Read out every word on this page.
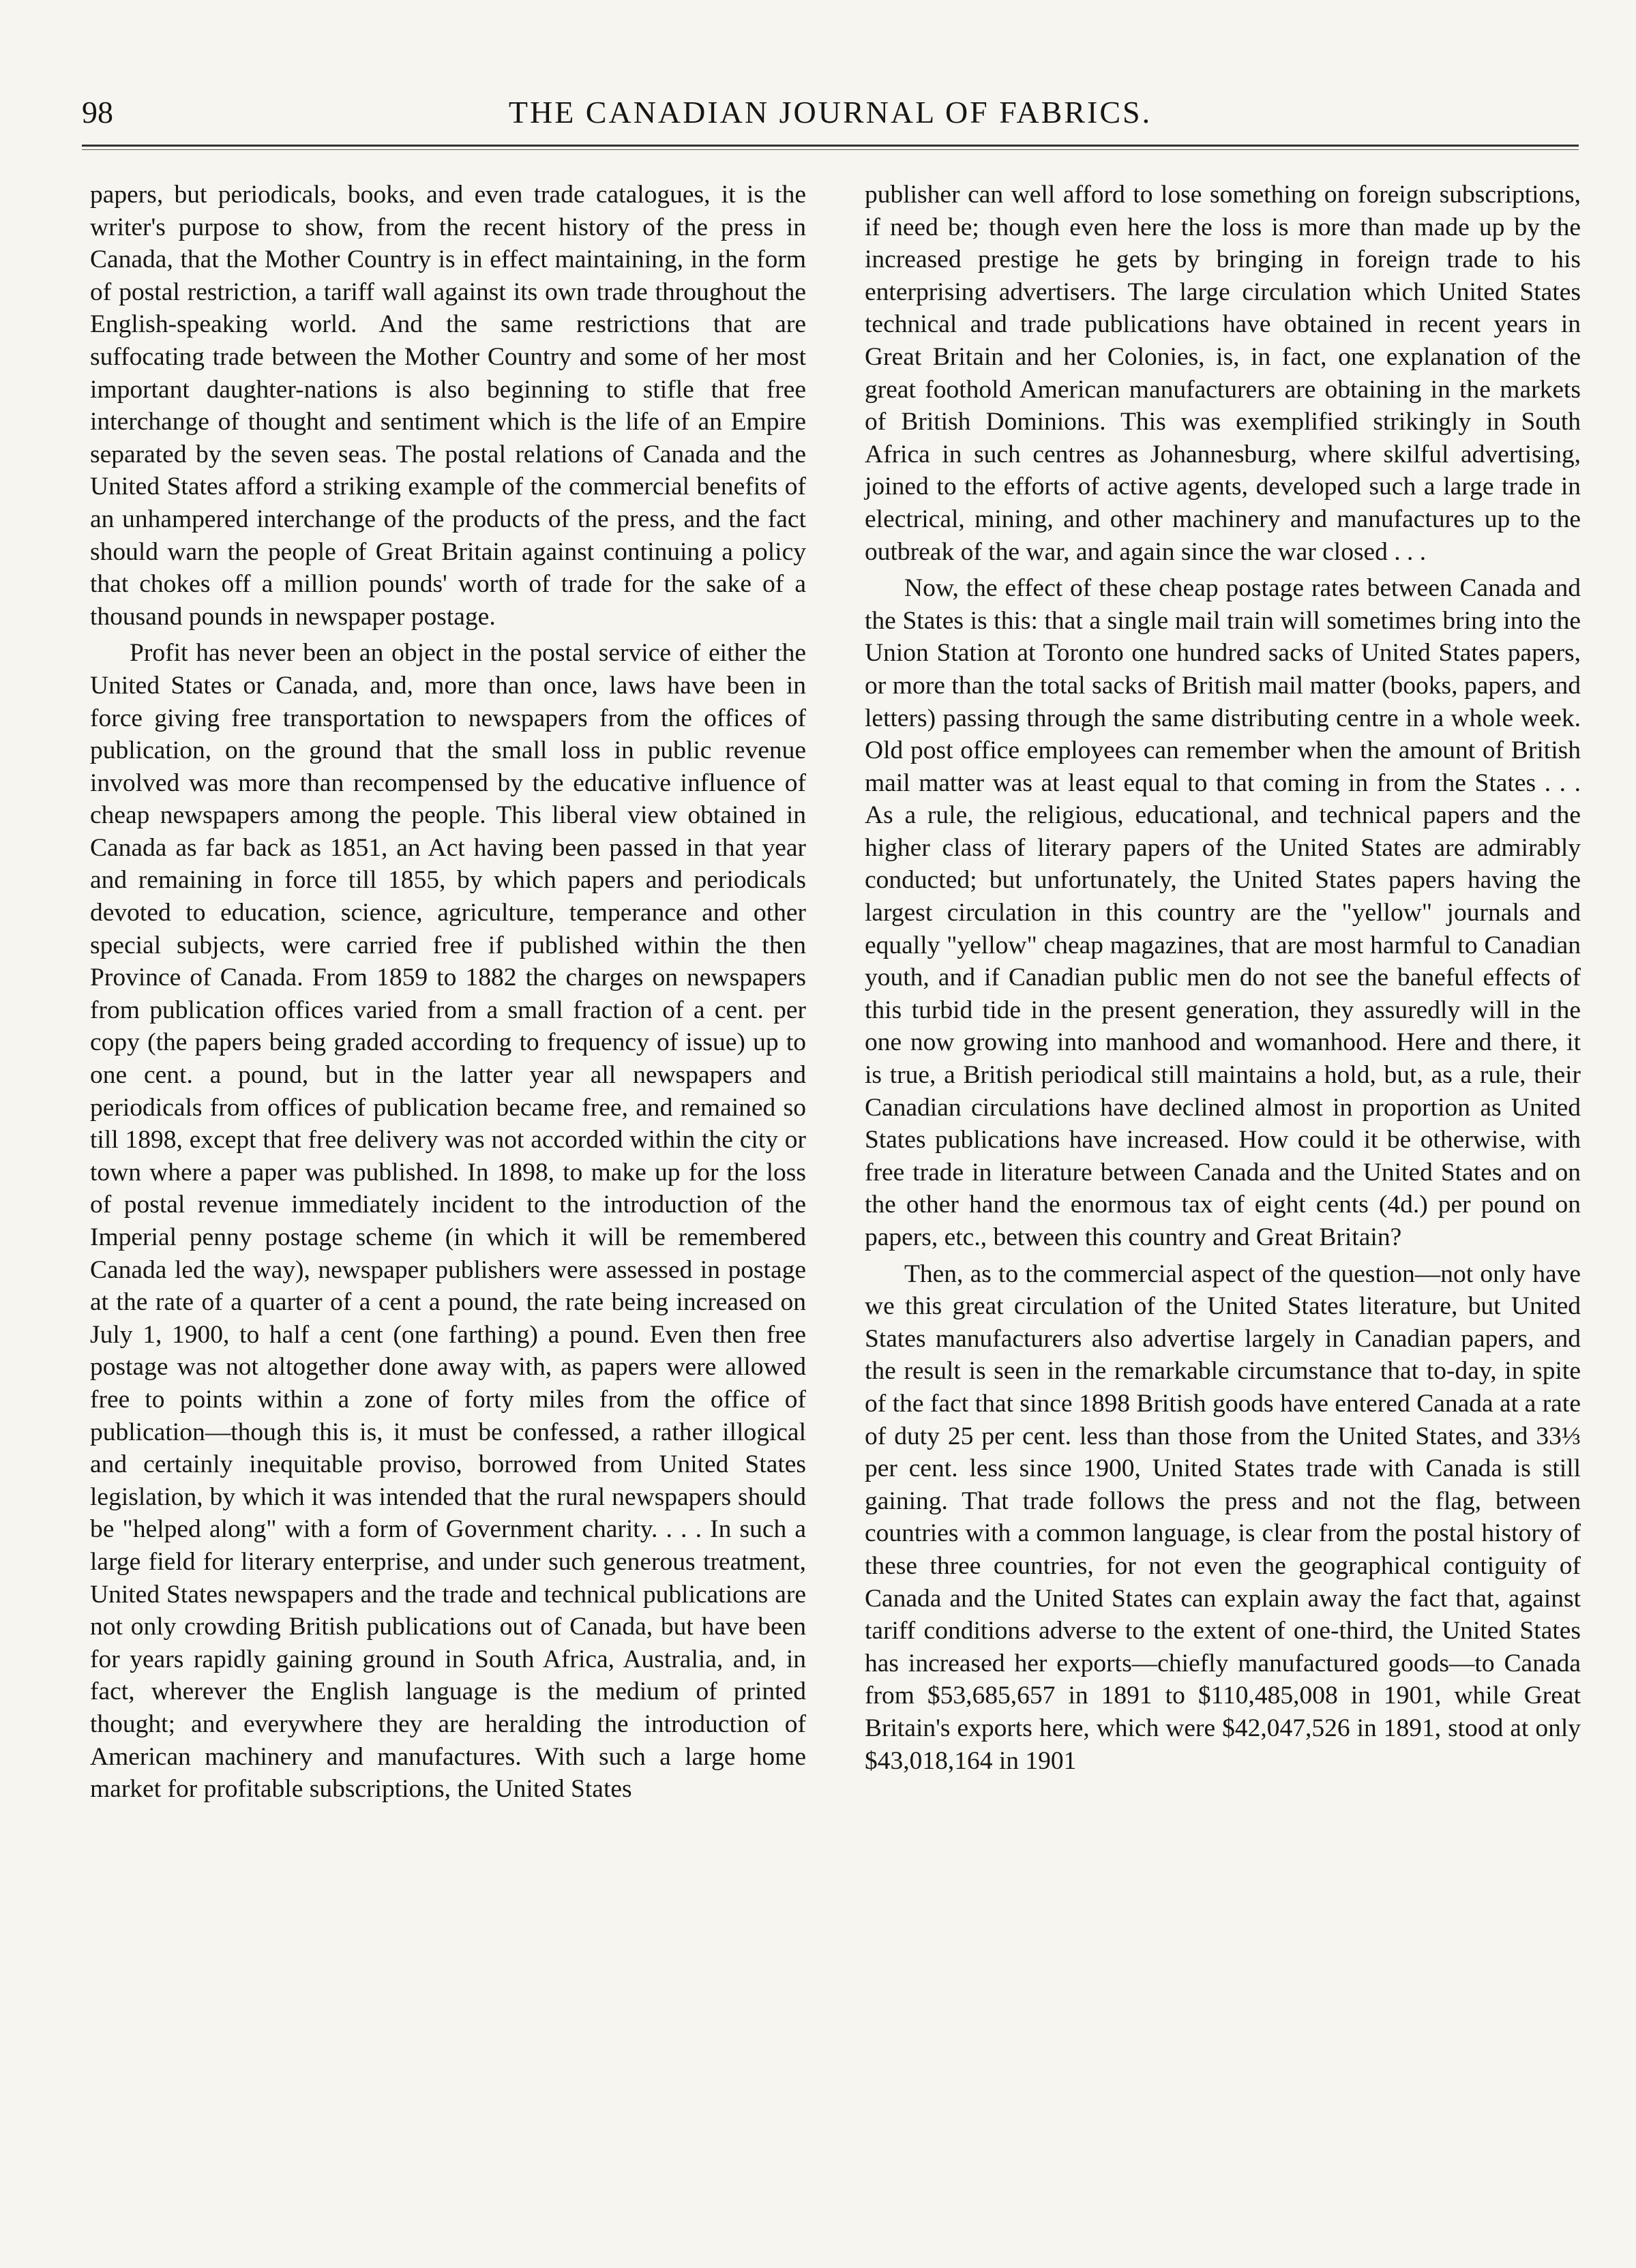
98	THE CANADIAN JOURNAL OF FABRICS.

papers, but periodicals, books, and even trade catalogues, it is the writer's purpose to show, from the recent history of the press in Canada, that the Mother Country is in effect maintaining, in the form of postal restriction, a tariff wall against its own trade throughout the English-speaking world. And the same restrictions that are suffocating trade between the Mother Country and some of her most important daughter-nations is also beginning to stifle that free interchange of thought and sentiment which is the life of an Empire separated by the seven seas. The postal relations of Canada and the United States afford a striking example of the commercial benefits of an unhampered interchange of the products of the press, and the fact should warn the people of Great Britain against continuing a policy that chokes off a million pounds' worth of trade for the sake of a thousand pounds in newspaper postage.

Profit has never been an object in the postal service of either the United States or Canada, and, more than once, laws have been in force giving free transportation to newspapers from the offices of publication, on the ground that the small loss in public revenue involved was more than recompensed by the educative influence of cheap newspapers among the people. This liberal view obtained in Canada as far back as 1851, an Act having been passed in that year and remaining in force till 1855, by which papers and periodicals devoted to education, science, agriculture, temperance and other special subjects, were carried free if published within the then Province of Canada. From 1859 to 1882 the charges on newspapers from publication offices varied from a small fraction of a cent. per copy (the papers being graded according to frequency of issue) up to one cent. a pound, but in the latter year all newspapers and periodicals from offices of publication became free, and remained so till 1898, except that free delivery was not accorded within the city or town where a paper was published. In 1898, to make up for the loss of postal revenue immediately incident to the introduction of the Imperial penny postage scheme (in which it will be remembered Canada led the way), newspaper publishers were assessed in postage at the rate of a quarter of a cent a pound, the rate being increased on July 1, 1900, to half a cent (one farthing) a pound. Even then free postage was not altogether done away with, as papers were allowed free to points within a zone of forty miles from the office of publication—though this is, it must be confessed, a rather illogical and certainly inequitable proviso, borrowed from United States legislation, by which it was intended that the rural newspapers should be "helped along" with a form of Government charity. . . . In such a large field for literary enterprise, and under such generous treatment, United States newspapers and the trade and technical publications are not only crowding British publications out of Canada, but have been for years rapidly gaining ground in South Africa, Australia, and, in fact, wherever the English language is the medium of printed thought; and everywhere they are heralding the introduction of American machinery and manufactures. With such a large home market for profitable subscriptions, the United States

publisher can well afford to lose something on foreign subscriptions, if need be; though even here the loss is more than made up by the increased prestige he gets by bringing in foreign trade to his enterprising advertisers. The large circulation which United States technical and trade publications have obtained in recent years in Great Britain and her Colonies, is, in fact, one explanation of the great foothold American manufacturers are obtaining in the markets of British Dominions. This was exemplified strikingly in South Africa in such centres as Johannesburg, where skilful advertising, joined to the efforts of active agents, developed such a large trade in electrical, mining, and other machinery and manufactures up to the outbreak of the war, and again since the war closed . . .

Now, the effect of these cheap postage rates between Canada and the States is this: that a single mail train will sometimes bring into the Union Station at Toronto one hundred sacks of United States papers, or more than the total sacks of British mail matter (books, papers, and letters) passing through the same distributing centre in a whole week. Old post office employees can remember when the amount of British mail matter was at least equal to that coming in from the States . . . As a rule, the religious, educational, and technical papers and the higher class of literary papers of the United States are admirably conducted; but unfortunately, the United States papers having the largest circulation in this country are the "yellow" journals and equally "yellow" cheap magazines, that are most harmful to Canadian youth, and if Canadian public men do not see the baneful effects of this turbid tide in the present generation, they assuredly will in the one now growing into manhood and womanhood. Here and there, it is true, a British periodical still maintains a hold, but, as a rule, their Canadian circulations have declined almost in proportion as United States publications have increased. How could it be otherwise, with free trade in literature between Canada and the United States and on the other hand the enormous tax of eight cents (4d.) per pound on papers, etc., between this country and Great Britain?

Then, as to the commercial aspect of the question—not only have we this great circulation of the United States literature, but United States manufacturers also advertise largely in Canadian papers, and the result is seen in the remarkable circumstance that to-day, in spite of the fact that since 1898 British goods have entered Canada at a rate of duty 25 per cent. less than those from the United States, and 33⅓ per cent. less since 1900, United States trade with Canada is still gaining. That trade follows the press and not the flag, between countries with a common language, is clear from the postal history of these three countries, for not even the geographical contiguity of Canada and the United States can explain away the fact that, against tariff conditions adverse to the extent of one-third, the United States has increased her exports—chiefly manufactured goods—to Canada from $53,685,657 in 1891 to $110,485,008 in 1901, while Great Britain's exports here, which were $42,047,526 in 1891, stood at only $43,018,164 in 1901
